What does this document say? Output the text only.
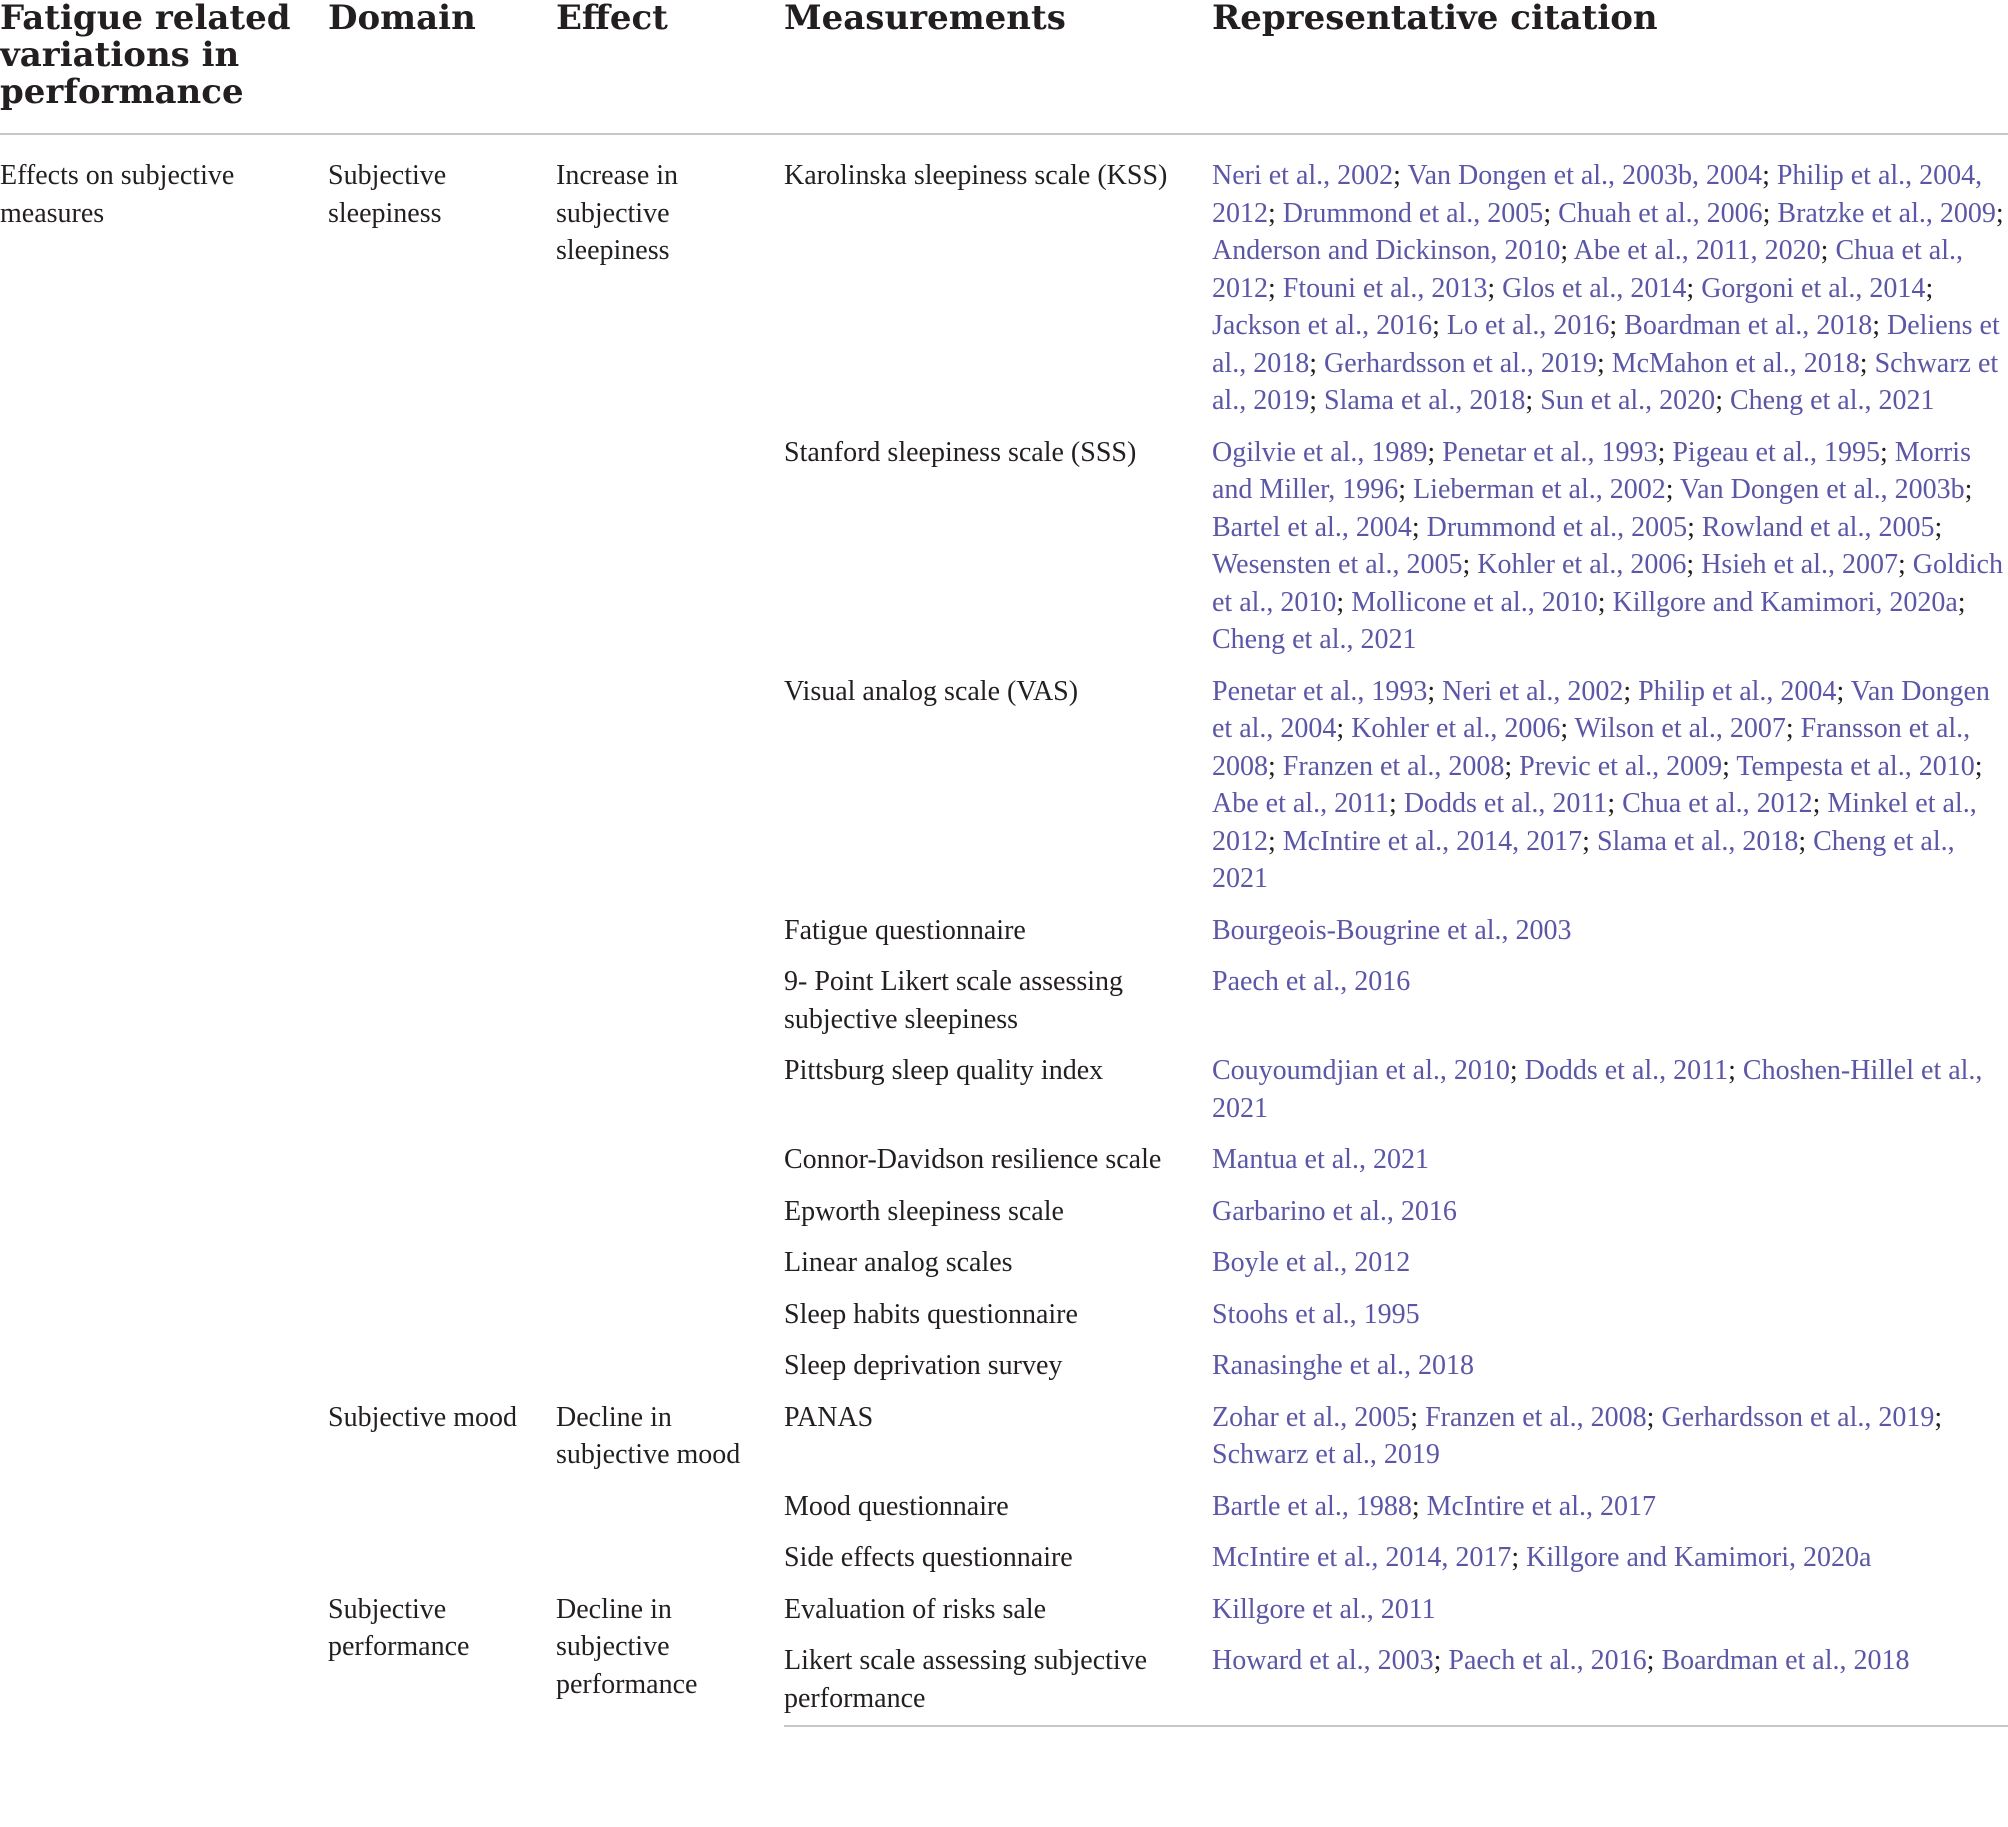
Fatigue related variations in performance	Domain	Effect	Measurements	Representative citation
Effects on subjective measures	Subjective sleepiness	Increase in subjective sleepiness	Karolinska sleepiness scale (KSS)	Neri et al., 2002; Van Dongen et al., 2003b, 2004; Philip et al., 2004, 2012; Drummond et al., 2005; Chuah et al., 2006; Bratzke et al., 2009; Anderson and Dickinson, 2010; Abe et al., 2011, 2020; Chua et al., 2012; Ftouni et al., 2013; Glos et al., 2014; Gorgoni et al., 2014; Jackson et al., 2016; Lo et al., 2016; Boardman et al., 2018; Deliens et al., 2018; Gerhardsson et al., 2019; McMahon et al., 2018; Schwarz et al., 2019; Slama et al., 2018; Sun et al., 2020; Cheng et al., 2021
			Stanford sleepiness scale (SSS)	Ogilvie et al., 1989; Penetar et al., 1993; Pigeau et al., 1995; Morris and Miller, 1996; Lieberman et al., 2002; Van Dongen et al., 2003b; Bartel et al., 2004; Drummond et al., 2005; Rowland et al., 2005; Wesensten et al., 2005; Kohler et al., 2006; Hsieh et al., 2007; Goldich et al., 2010; Mollicone et al., 2010; Killgore and Kamimori, 2020a; Cheng et al., 2021
			Visual analog scale (VAS)	Penetar et al., 1993; Neri et al., 2002; Philip et al., 2004; Van Dongen et al., 2004; Kohler et al., 2006; Wilson et al., 2007; Fransson et al., 2008; Franzen et al., 2008; Previc et al., 2009; Tempesta et al., 2010; Abe et al., 2011; Dodds et al., 2011; Chua et al., 2012; Minkel et al., 2012; McIntire et al., 2014, 2017; Slama et al., 2018; Cheng et al., 2021
			Fatigue questionnaire	Bourgeois-Bougrine et al., 2003
			9- Point Likert scale assessing subjective sleepiness	Paech et al., 2016
			Pittsburg sleep quality index	Couyoumdjian et al., 2010; Dodds et al., 2011; Choshen-Hillel et al., 2021
			Connor-Davidson resilience scale	Mantua et al., 2021
			Epworth sleepiness scale	Garbarino et al., 2016
			Linear analog scales	Boyle et al., 2012
			Sleep habits questionnaire	Stoohs et al., 1995
			Sleep deprivation survey	Ranasinghe et al., 2018
	Subjective mood	Decline in subjective mood	PANAS	Zohar et al., 2005; Franzen et al., 2008; Gerhardsson et al., 2019; Schwarz et al., 2019
			Mood questionnaire	Bartle et al., 1988; McIntire et al., 2017
			Side effects questionnaire	McIntire et al., 2014, 2017; Killgore and Kamimori, 2020a
	Subjective performance	Decline in subjective performance	Evaluation of risks sale	Killgore et al., 2011
			Likert scale assessing subjective performance	Howard et al., 2003; Paech et al., 2016; Boardman et al., 2018
